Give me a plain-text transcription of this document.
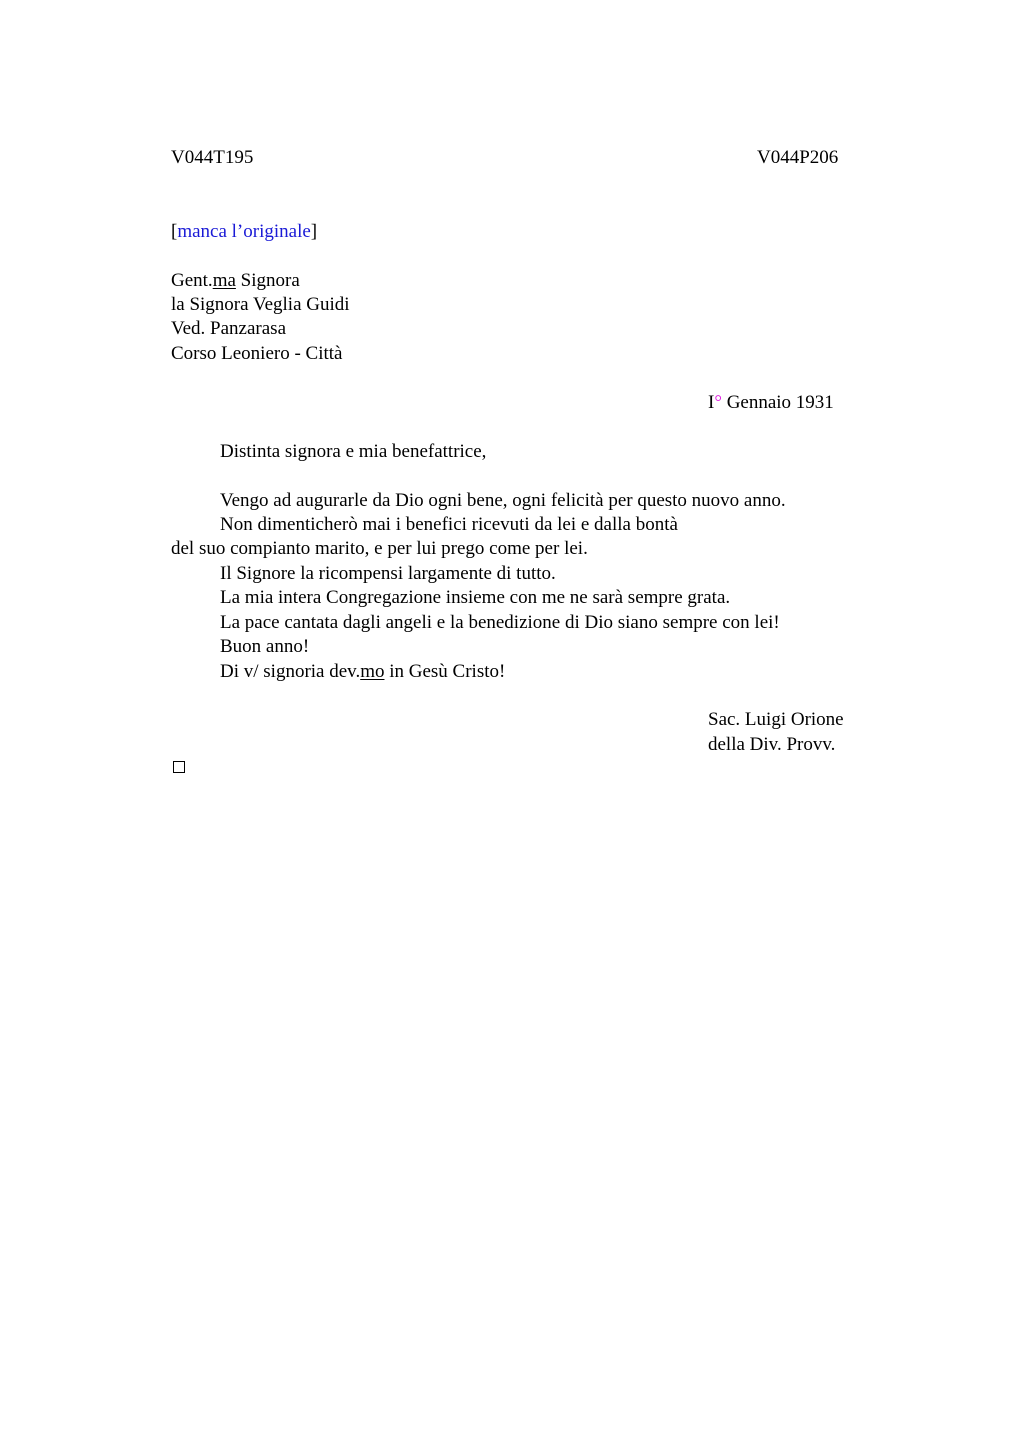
V044T195	V044P206
[manca l’originale]
Gent.ma Signora
la Signora Veglia Guidi
Ved. Panzarasa
Corso Leoniero - Città
I° Gennaio 1931
Distinta signora e mia benefattrice,
Vengo ad augurarle da Dio ogni bene, ogni felicità per questo nuovo anno.
Non dimenticherò mai i benefici ricevuti da lei e dalla bontà
del suo compianto marito, e per lui prego come per lei.
Il Signore la ricompensi largamente di tutto.
La mia intera Congregazione insieme con me ne sarà sempre grata.
La pace cantata dagli angeli e la benedizione di Dio siano sempre con lei!
Buon anno!
Di v/ signoria dev.mo in Gesù Cristo!
Sac. Luigi Orione
della Div. Provv.
